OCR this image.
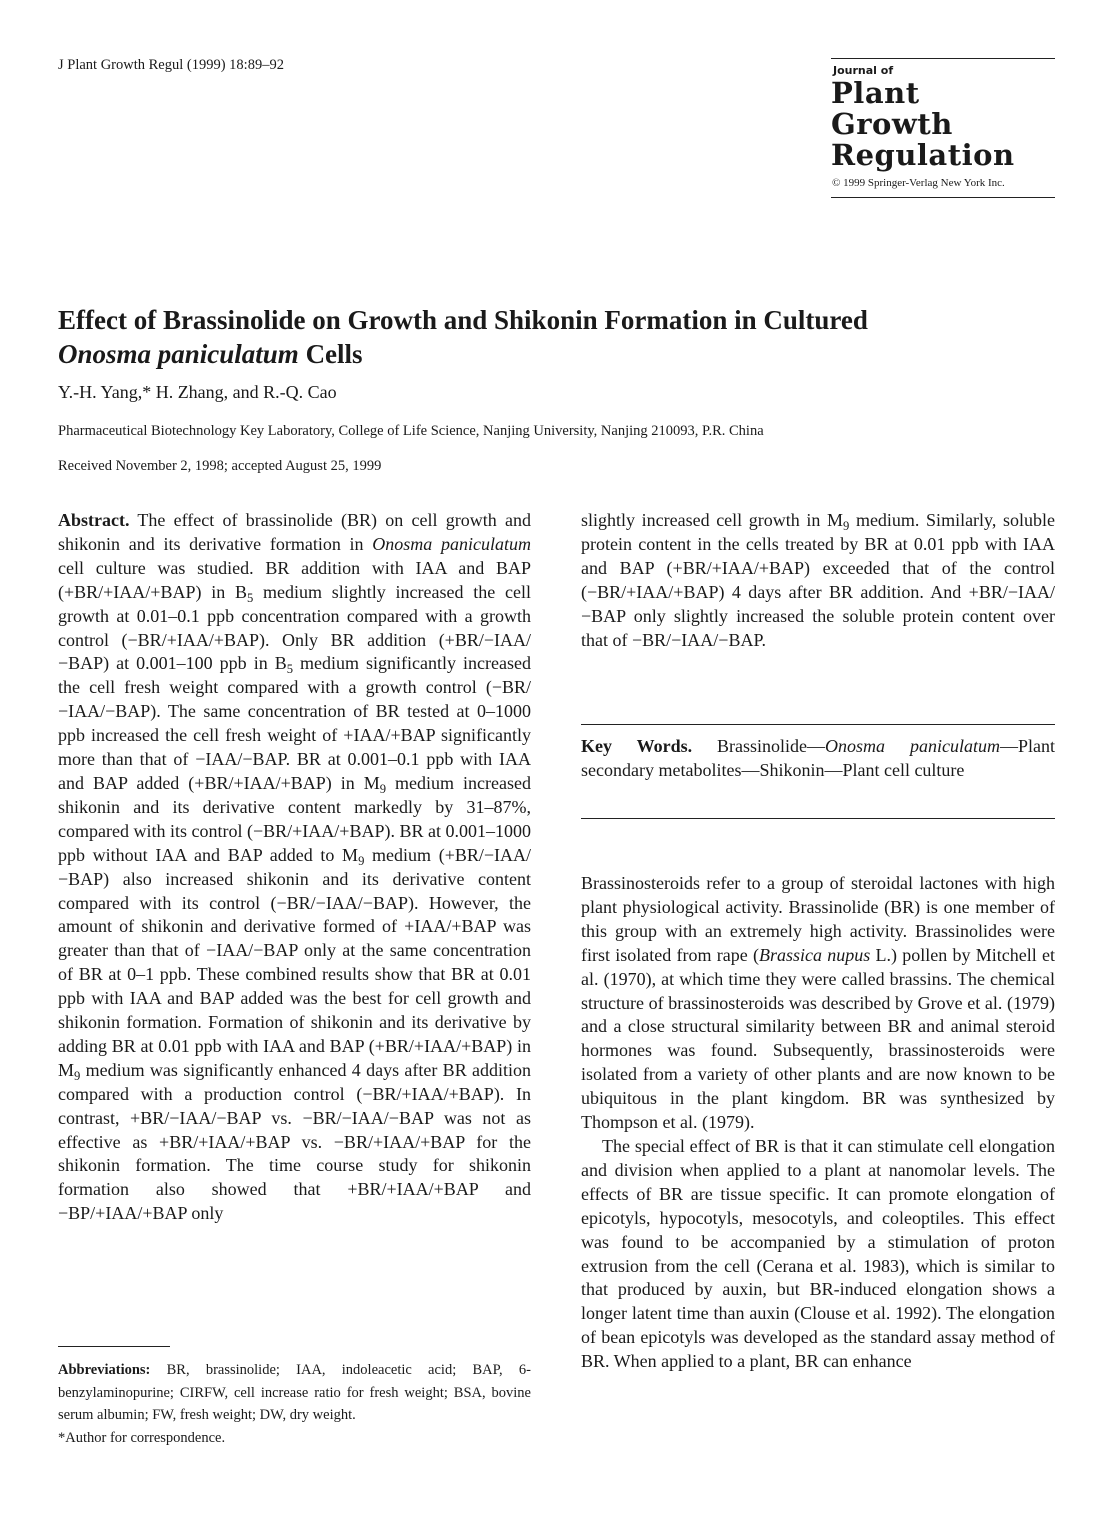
J Plant Growth Regul (1999) 18:89–92	Journal of
Plant
Growth
Regulation
© 1999 Springer-Verlag New York Inc.
Effect of Brassinolide on Growth and Shikonin Formation in Cultured
Onosma paniculatum Cells
Y.-H. Yang,* H. Zhang, and R.-Q. Cao
Pharmaceutical Biotechnology Key Laboratory, College of Life Science, Nanjing University, Nanjing 210093, P.R. China
Received November 2, 1998; accepted August 25, 1999

Abstract. The effect of brassinolide (BR) on cell growth and shikonin and its derivative formation in Onosma paniculatum cell culture was studied. BR addition with IAA and BAP (+BR/+IAA/+BAP) in $B_5$ medium slightly increased the cell growth at 0.01–0.1 ppb concentration compared with a growth control (−BR/+IAA/+BAP). Only BR addition (+BR/−IAA/−BAP) at 0.001–100 ppb in $B_5$ medium significantly increased the cell fresh weight compared with a growth control (−BR/−IAA/−BAP). The same concentration of BR tested at 0–1000 ppb increased the cell fresh weight of +IAA/+BAP significantly more than that of −IAA/−BAP. BR at 0.001–0.1 ppb with IAA and BAP added (+BR/+IAA/+BAP) in $M_9$ medium increased shikonin and its derivative content markedly by 31–87%, compared with its control (−BR/+IAA/+BAP). BR at 0.001–1000 ppb without IAA and BAP added to $M_9$ medium (+BR/−IAA/−BAP) also increased shikonin and its derivative content compared with its control (−BR/−IAA/−BAP). However, the amount of shikonin and derivative formed of +IAA/+BAP was greater than that of −IAA/−BAP only at the same concentration of BR at 0–1 ppb. These combined results show that BR at 0.01 ppb with IAA and BAP added was the best for cell growth and shikonin formation. Formation of shikonin and its derivative by adding BR at 0.01 ppb with IAA and BAP (+BR/+IAA/+BAP) in $M_9$ medium was significantly enhanced 4 days after BR addition compared with a production control (−BR/+IAA/+BAP). In contrast, +BR/−IAA/−BAP vs. −BR/−IAA/−BAP was not as effective as +BR/+IAA/+BAP vs. −BR/+IAA/+BAP for the shikonin formation. The time course study for shikonin formation also showed that +BR/+IAA/+BAP and −BP/+IAA/+BAP only

slightly increased cell growth in $M_9$ medium. Similarly, soluble protein content in the cells treated by BR at 0.01 ppb with IAA and BAP (+BR/+IAA/+BAP) exceeded that of the control (−BR/+IAA/+BAP) 4 days after BR addition. And +BR/−IAA/−BAP only slightly increased the soluble protein content over that of −BR/−IAA/−BAP.

Key Words. Brassinolide—Onosma paniculatum—Plant secondary metabolites—Shikonin—Plant cell culture

Brassinosteroids refer to a group of steroidal lactones with high plant physiological activity. Brassinolide (BR) is one member of this group with an extremely high activity. Brassinolides were first isolated from rape (Brassica nupus L.) pollen by Mitchell et al. (1970), at which time they were called brassins. The chemical structure of brassinosteroids was described by Grove et al. (1979) and a close structural similarity between BR and animal steroid hormones was found. Subsequently, brassinosteroids were isolated from a variety of other plants and are now known to be ubiquitous in the plant kingdom. BR was synthesized by Thompson et al. (1979).

The special effect of BR is that it can stimulate cell elongation and division when applied to a plant at nanomolar levels. The effects of BR are tissue specific. It can promote elongation of epicotyls, hypocotyls, mesocotyls, and coleoptiles. This effect was found to be accompanied by a stimulation of proton extrusion from the cell (Cerana et al. 1983), which is similar to that produced by auxin, but BR-induced elongation shows a longer latent time than auxin (Clouse et al. 1992). The elongation of bean epicotyls was developed as the standard assay method of BR. When applied to a plant, BR can enhance

Abbreviations: BR, brassinolide; IAA, indoleacetic acid; BAP, 6-benzylaminopurine; CIRFW, cell increase ratio for fresh weight; BSA, bovine serum albumin; FW, fresh weight; DW, dry weight.

*Author for correspondence.
